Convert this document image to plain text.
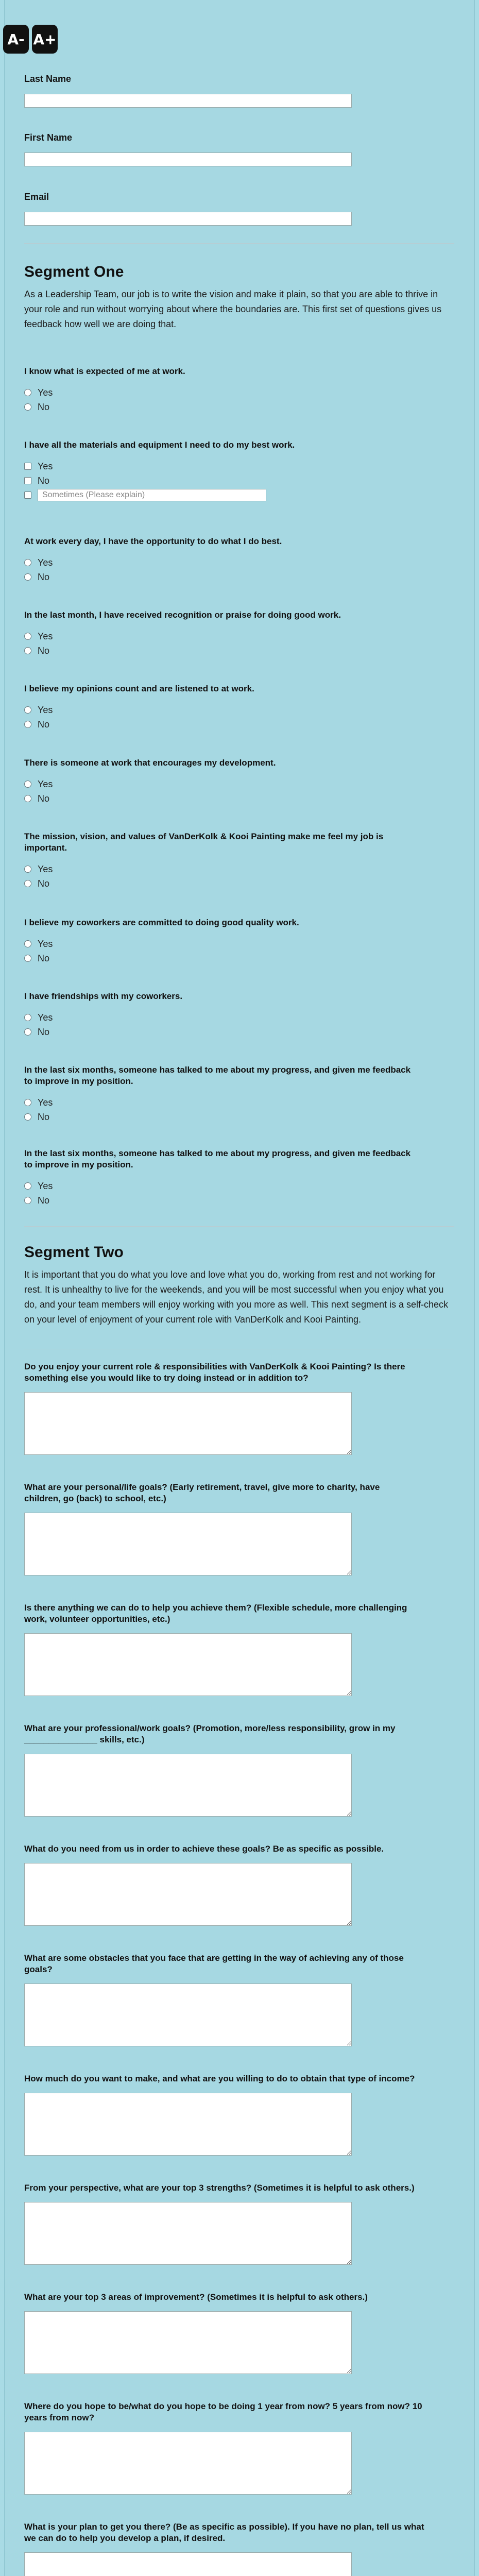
A- A+
Last Name
First Name
Email
Segment One

As a Leadership Team, our job is to write the vision and make it plain, so that you are able to thrive in your role and run without worrying about where the boundaries are. This first set of questions gives us feedback how well we are doing that.

I know what is expected of me at work.
Yes
No
I have all the materials and equipment I need to do my best work.
Yes
No
Sometimes (Please explain)
At work every day, I have the opportunity to do what I do best.
Yes
No
In the last month, I have received recognition or praise for doing good work.
Yes
No
I believe my opinions count and are listened to at work.
Yes
No
There is someone at work that encourages my development.
Yes
No
The mission, vision, and values of VanDerKolk & Kooi Painting make me feel my job is important.
Yes
No
I believe my coworkers are committed to doing good quality work.
Yes
No
I have friendships with my coworkers.
Yes
No
In the last six months, someone has talked to me about my progress, and given me feedback to improve in my position.
Yes
No
In the last six months, someone has talked to me about my progress, and given me feedback to improve in my position.
Yes
No
Segment Two

It is important that you do what you love and love what you do, working from rest and not working for rest. It is unhealthy to live for the weekends, and you will be most successful when you enjoy what you do, and your team members will enjoy working with you more as well. This next segment is a self-check on your level of enjoyment of your current role with VanDerKolk and Kooi Painting.

Do you enjoy your current role & responsibilities with VanDerKolk & Kooi Painting? Is there something else you would like to try doing instead or in addition to?
What are your personal/life goals? (Early retirement, travel, give more to charity, have children, go (back) to school, etc.)
Is there anything we can do to help you achieve them? (Flexible schedule, more challenging work, volunteer opportunities, etc.)
What are your professional/work goals? (Promotion, more/less responsibility, grow in my _______________ skills, etc.)
What do you need from us in order to achieve these goals? Be as specific as possible.
What are some obstacles that you face that are getting in the way of achieving any of those goals?
How much do you want to make, and what are you willing to do to obtain that type of income?
From your perspective, what are your top 3 strengths? (Sometimes it is helpful to ask others.)
What are your top 3 areas of improvement? (Sometimes it is helpful to ask others.)
Where do you hope to be/what do you hope to be doing 1 year from now? 5 years from now? 10 years from now?
What is your plan to get you there? (Be as specific as possible). If you have no plan, tell us what we can do to help you develop a plan, if desired.
